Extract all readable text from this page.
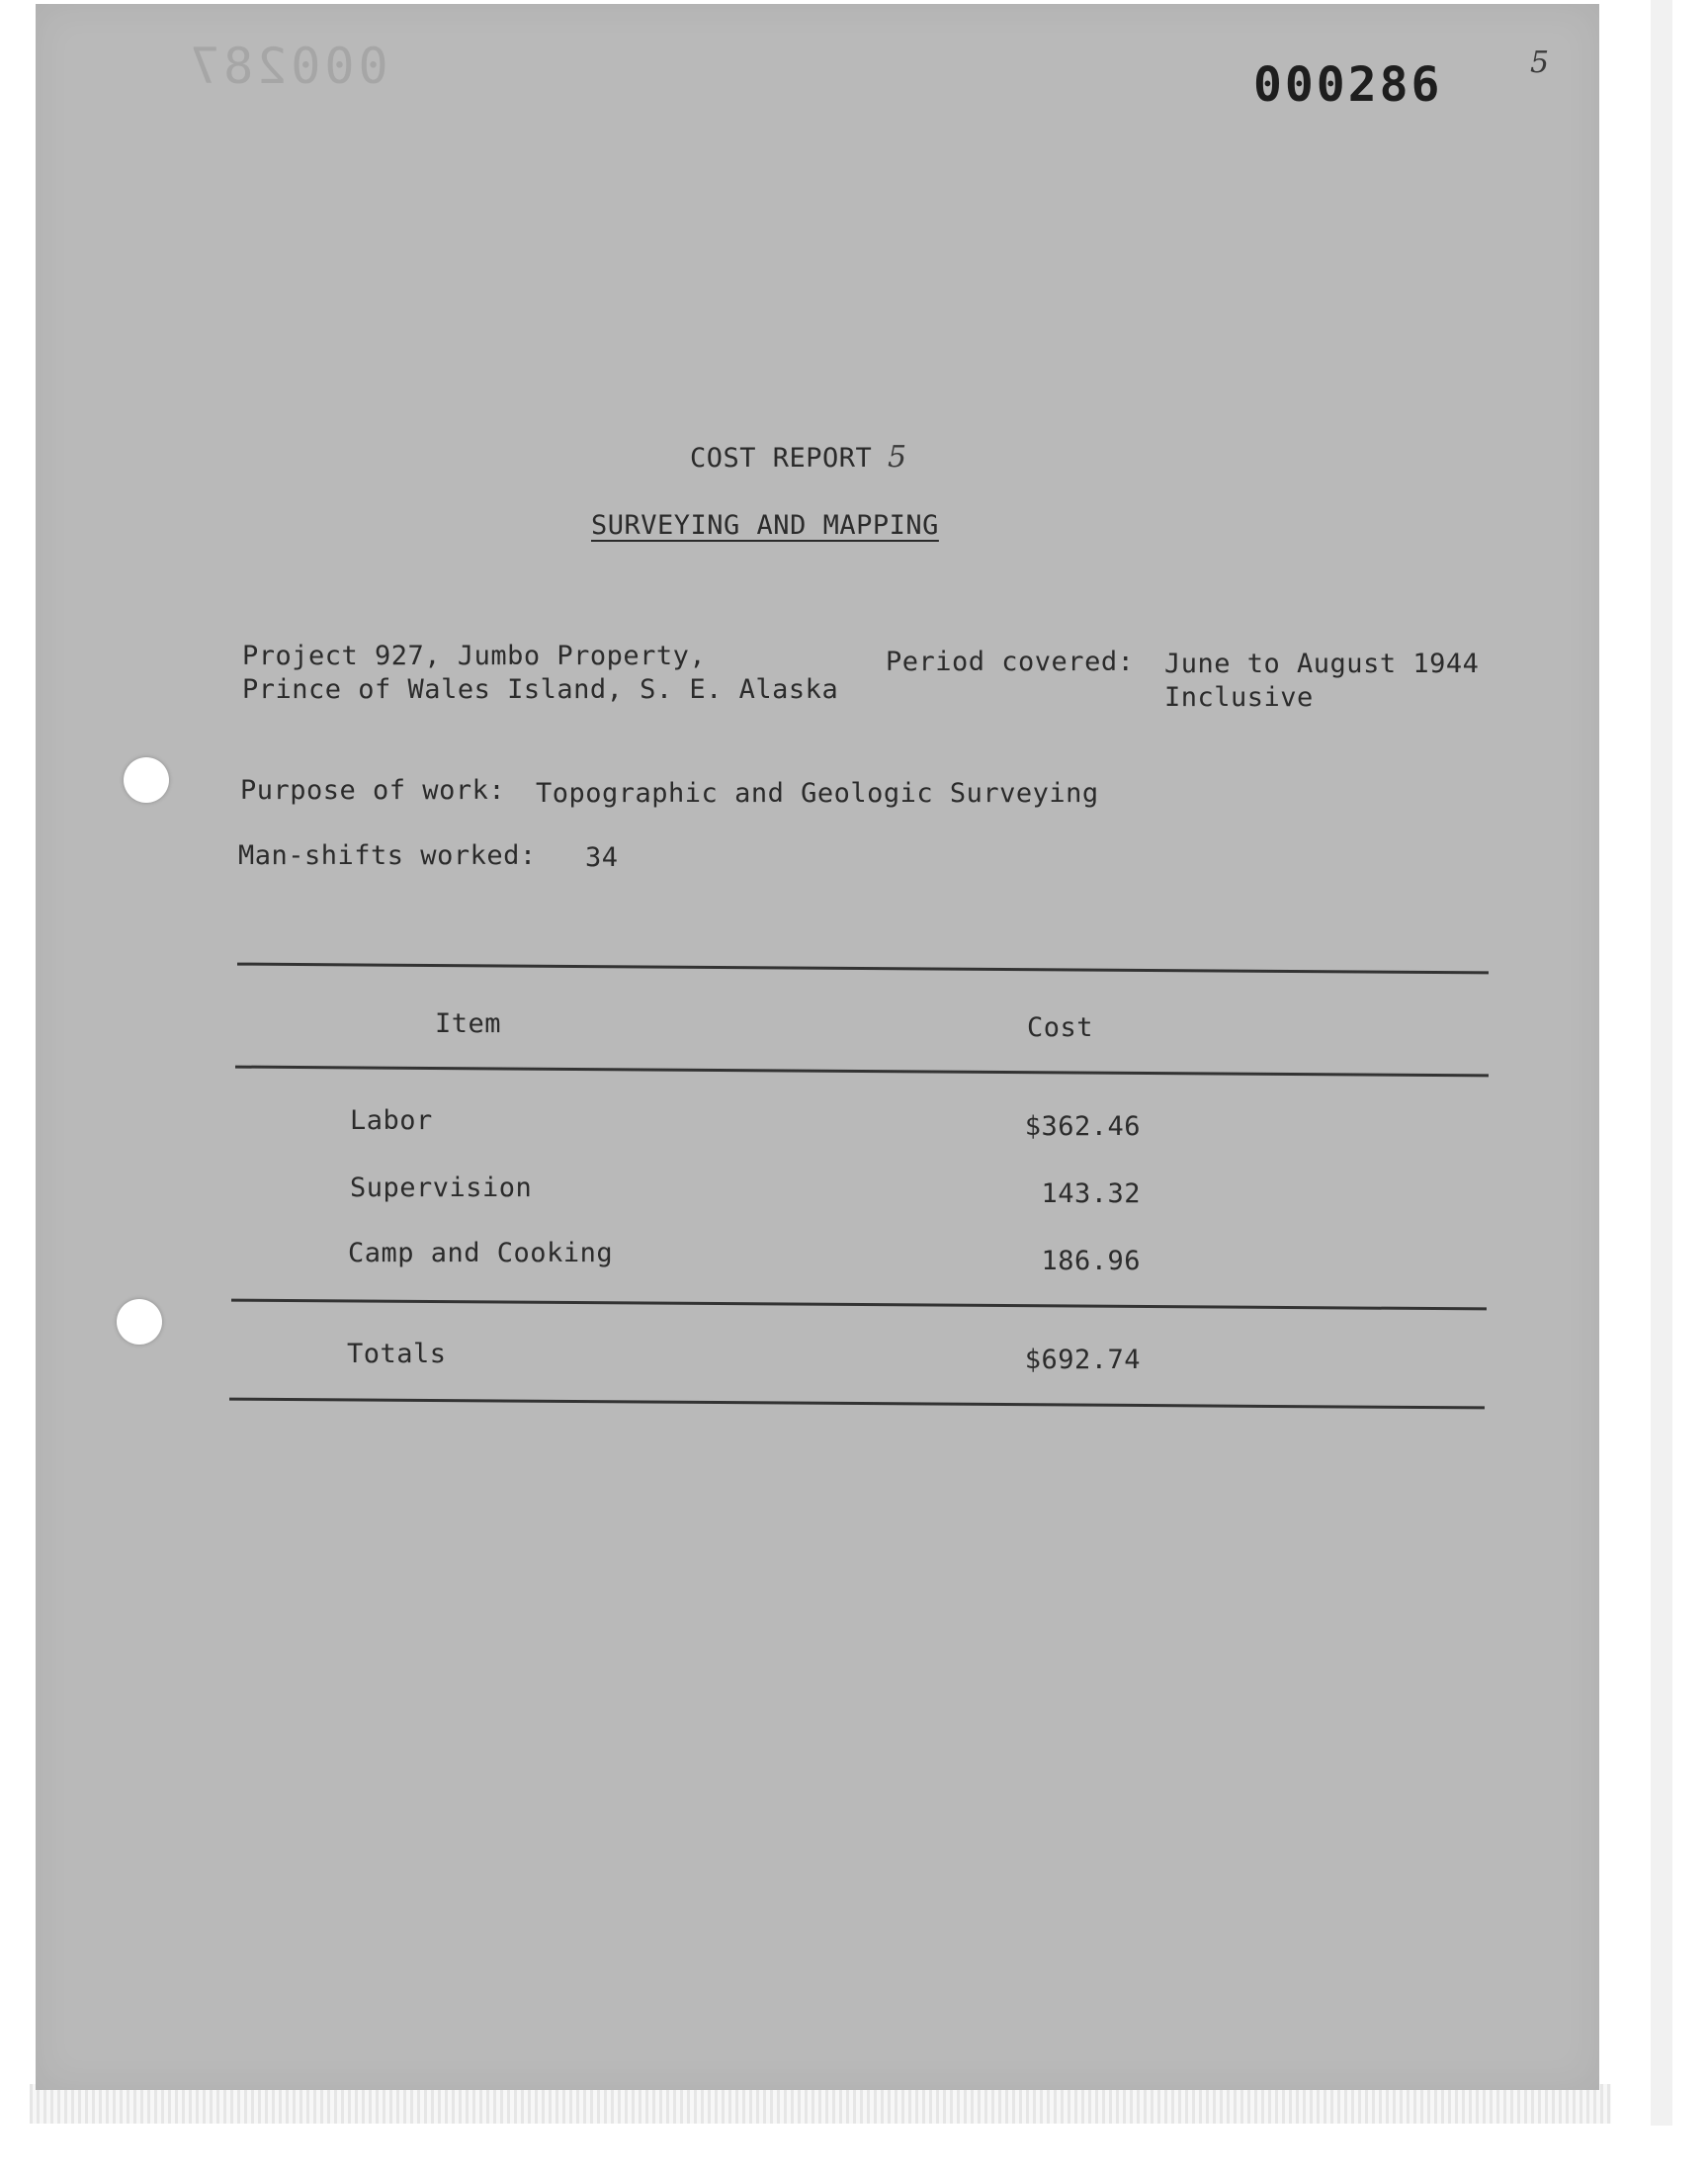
000287	000286	5
COST REPORT 5
SURVEYING AND MAPPING
Project 927, Jumbo Property,
Prince of Wales Island, S. E. Alaska
Period covered: June to August 1944
Inclusive
Purpose of work: Topographic and Geologic Surveying
Man-shifts worked: 34
Item	Cost
Labor	$362.46
Supervision	143.32
Camp and Cooking	186.96
Totals	$692.74
